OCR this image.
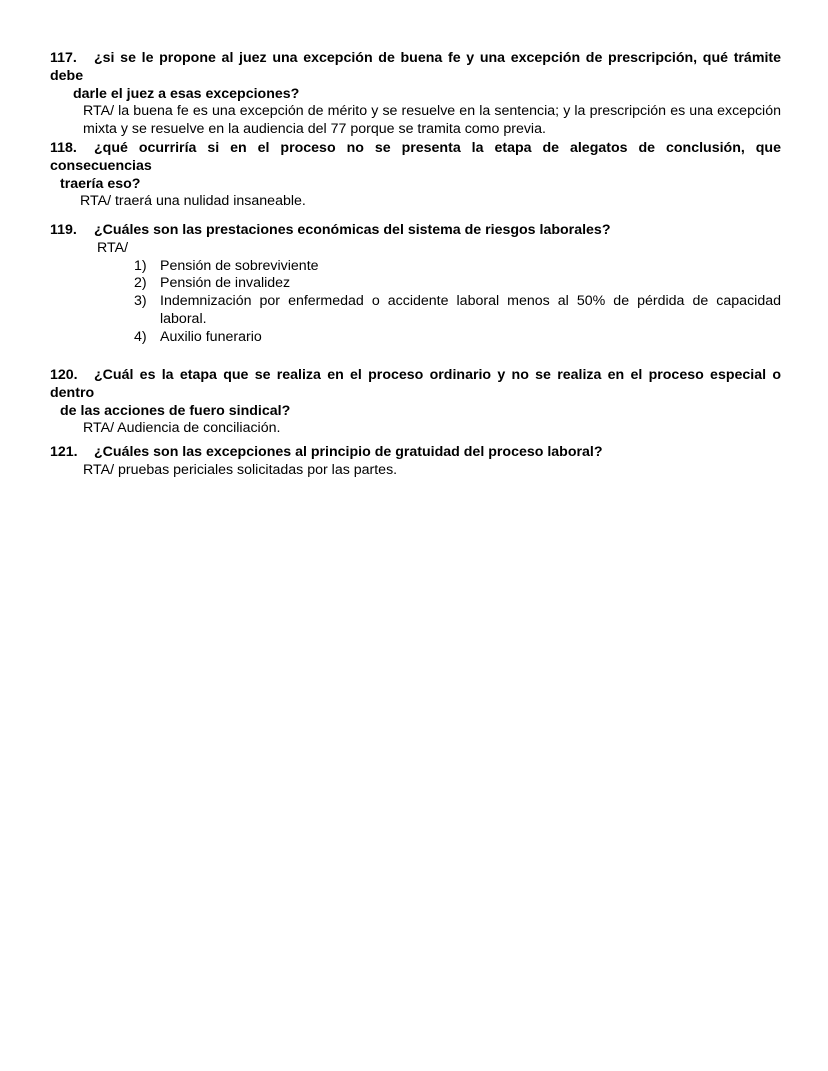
117. ¿si se le propone al juez una excepción de buena fe y una excepción de prescripción, qué trámite debe
darle el juez a esas excepciones?
RTA/ la buena fe es una excepción de mérito y se resuelve en la sentencia; y la prescripción es una excepción mixta y se resuelve en la audiencia del 77 porque se tramita como previa.
118. ¿qué ocurriría si en el proceso no se presenta la etapa de alegatos de conclusión, que consecuencias
traería eso?
RTA/ traerá una nulidad insaneable.
119. ¿Cuáles son las prestaciones económicas del sistema de riesgos laborales?
RTA/
1) Pensión de sobreviviente
2) Pensión de invalidez
3) Indemnización por enfermedad o accidente laboral menos al 50% de pérdida de capacidad laboral.
4) Auxilio funerario
120. ¿Cuál es la etapa que se realiza en el proceso ordinario y no se realiza en el proceso especial o dentro
de las acciones de fuero sindical?
RTA/ Audiencia de conciliación.
121. ¿Cuáles son las excepciones al principio de gratuidad del proceso laboral?
RTA/ pruebas periciales solicitadas por las partes.
